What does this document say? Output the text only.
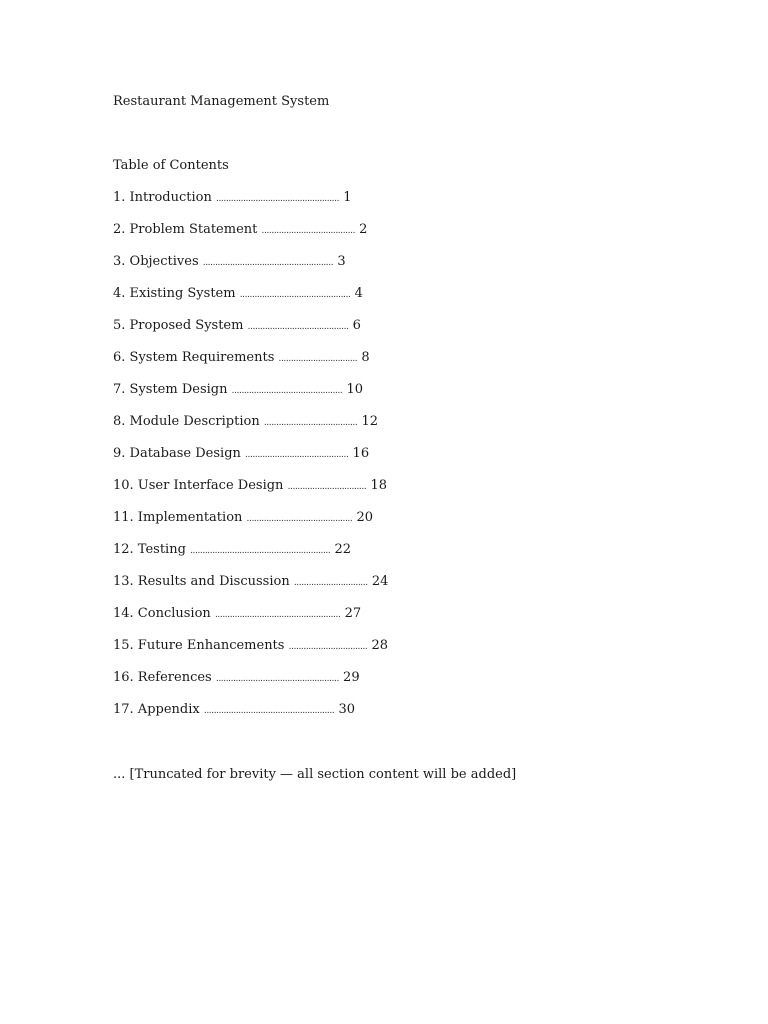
Restaurant Management System
Table of Contents
1. Introduction .................................................. 1
2. Problem Statement ...................................... 2
3. Objectives ..................................................... 3
4. Existing System ............................................. 4
5. Proposed System ......................................... 6
6. System Requirements ................................ 8
7. System Design ............................................. 10
8. Module Description ...................................... 12
9. Database Design .......................................... 16
10. User Interface Design ................................ 18
11. Implementation ........................................... 20
12. Testing ......................................................... 22
13. Results and Discussion .............................. 24
14. Conclusion ................................................... 27
15. Future Enhancements ................................ 28
16. References .................................................. 29
17. Appendix ..................................................... 30
... [Truncated for brevity — all section content will be added]
